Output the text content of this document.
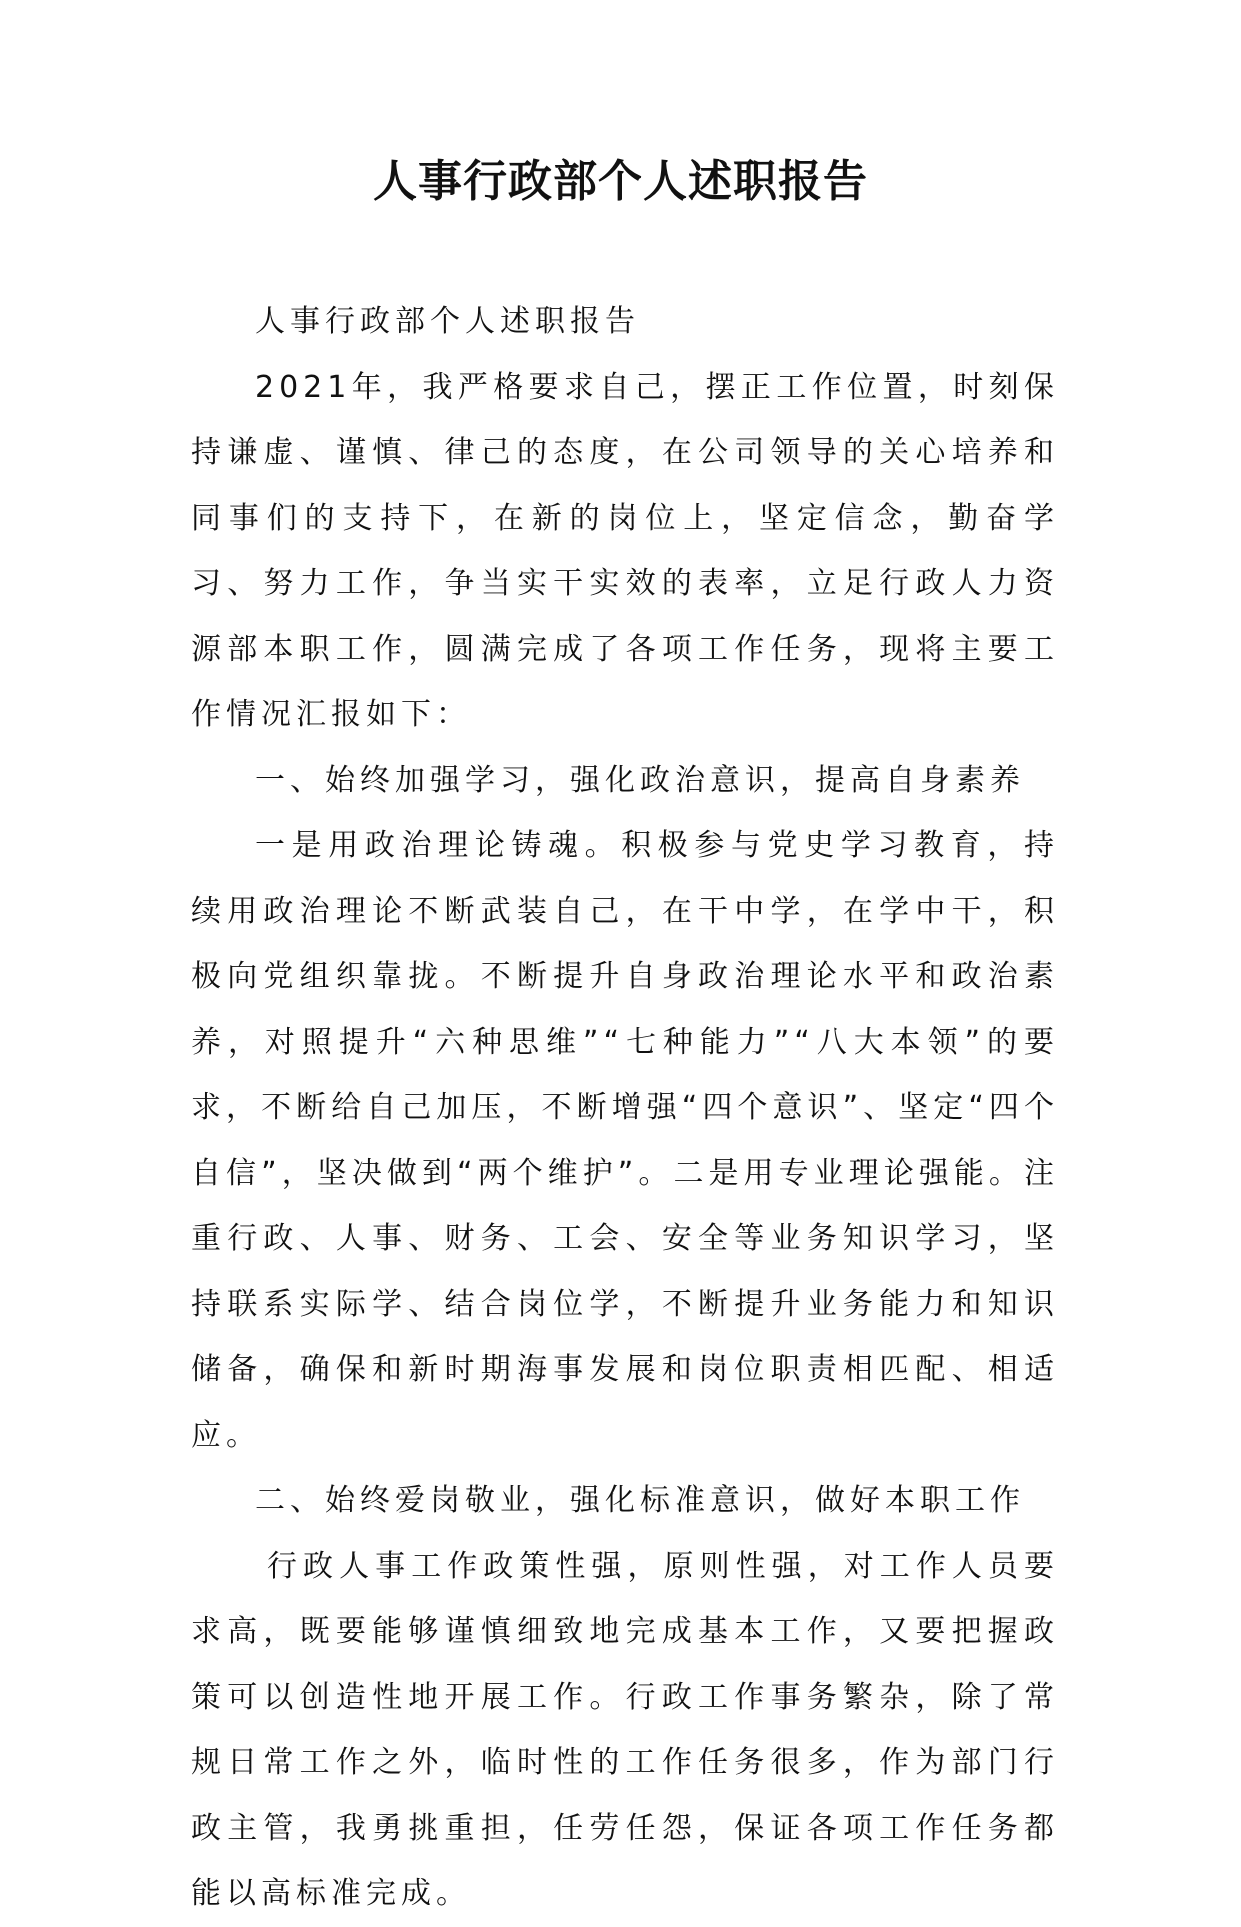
人事行政部个人述职报告

人事行政部个人述职报告

2021年，我严格要求自己，摆正工作位置，时刻保持谦虚、谨慎、律己的态度，在公司领导的关心培养和同事们的支持下，在新的岗位上，坚定信念，勤奋学习、努力工作，争当实干实效的表率，立足行政人力资源部本职工作，圆满完成了各项工作任务，现将主要工作情况汇报如下：

一、始终加强学习，强化政治意识，提高自身素养

一是用政治理论铸魂。积极参与党史学习教育，持续用政治理论不断武装自己，在干中学，在学中干，积极向党组织靠拢。不断提升自身政治理论水平和政治素养，对照提升“六种思维”“七种能力”“八大本领”的要求，不断给自己加压，不断增强“四个意识”、坚定“四个自信”，坚决做到“两个维护”。二是用专业理论强能。注重行政、人事、财务、工会、安全等业务知识学习，坚持联系实际学、结合岗位学，不断提升业务能力和知识储备，确保和新时期海事发展和岗位职责相匹配、相适应。

二、始终爱岗敬业，强化标准意识，做好本职工作

行政人事工作政策性强，原则性强，对工作人员要求高，既要能够谨慎细致地完成基本工作，又要把握政策可以创造性地开展工作。行政工作事务繁杂，除了常规日常工作之外，临时性的工作任务很多，作为部门行政主管，我勇挑重担，任劳任怨，保证各项工作任务都能以高标准完成。
